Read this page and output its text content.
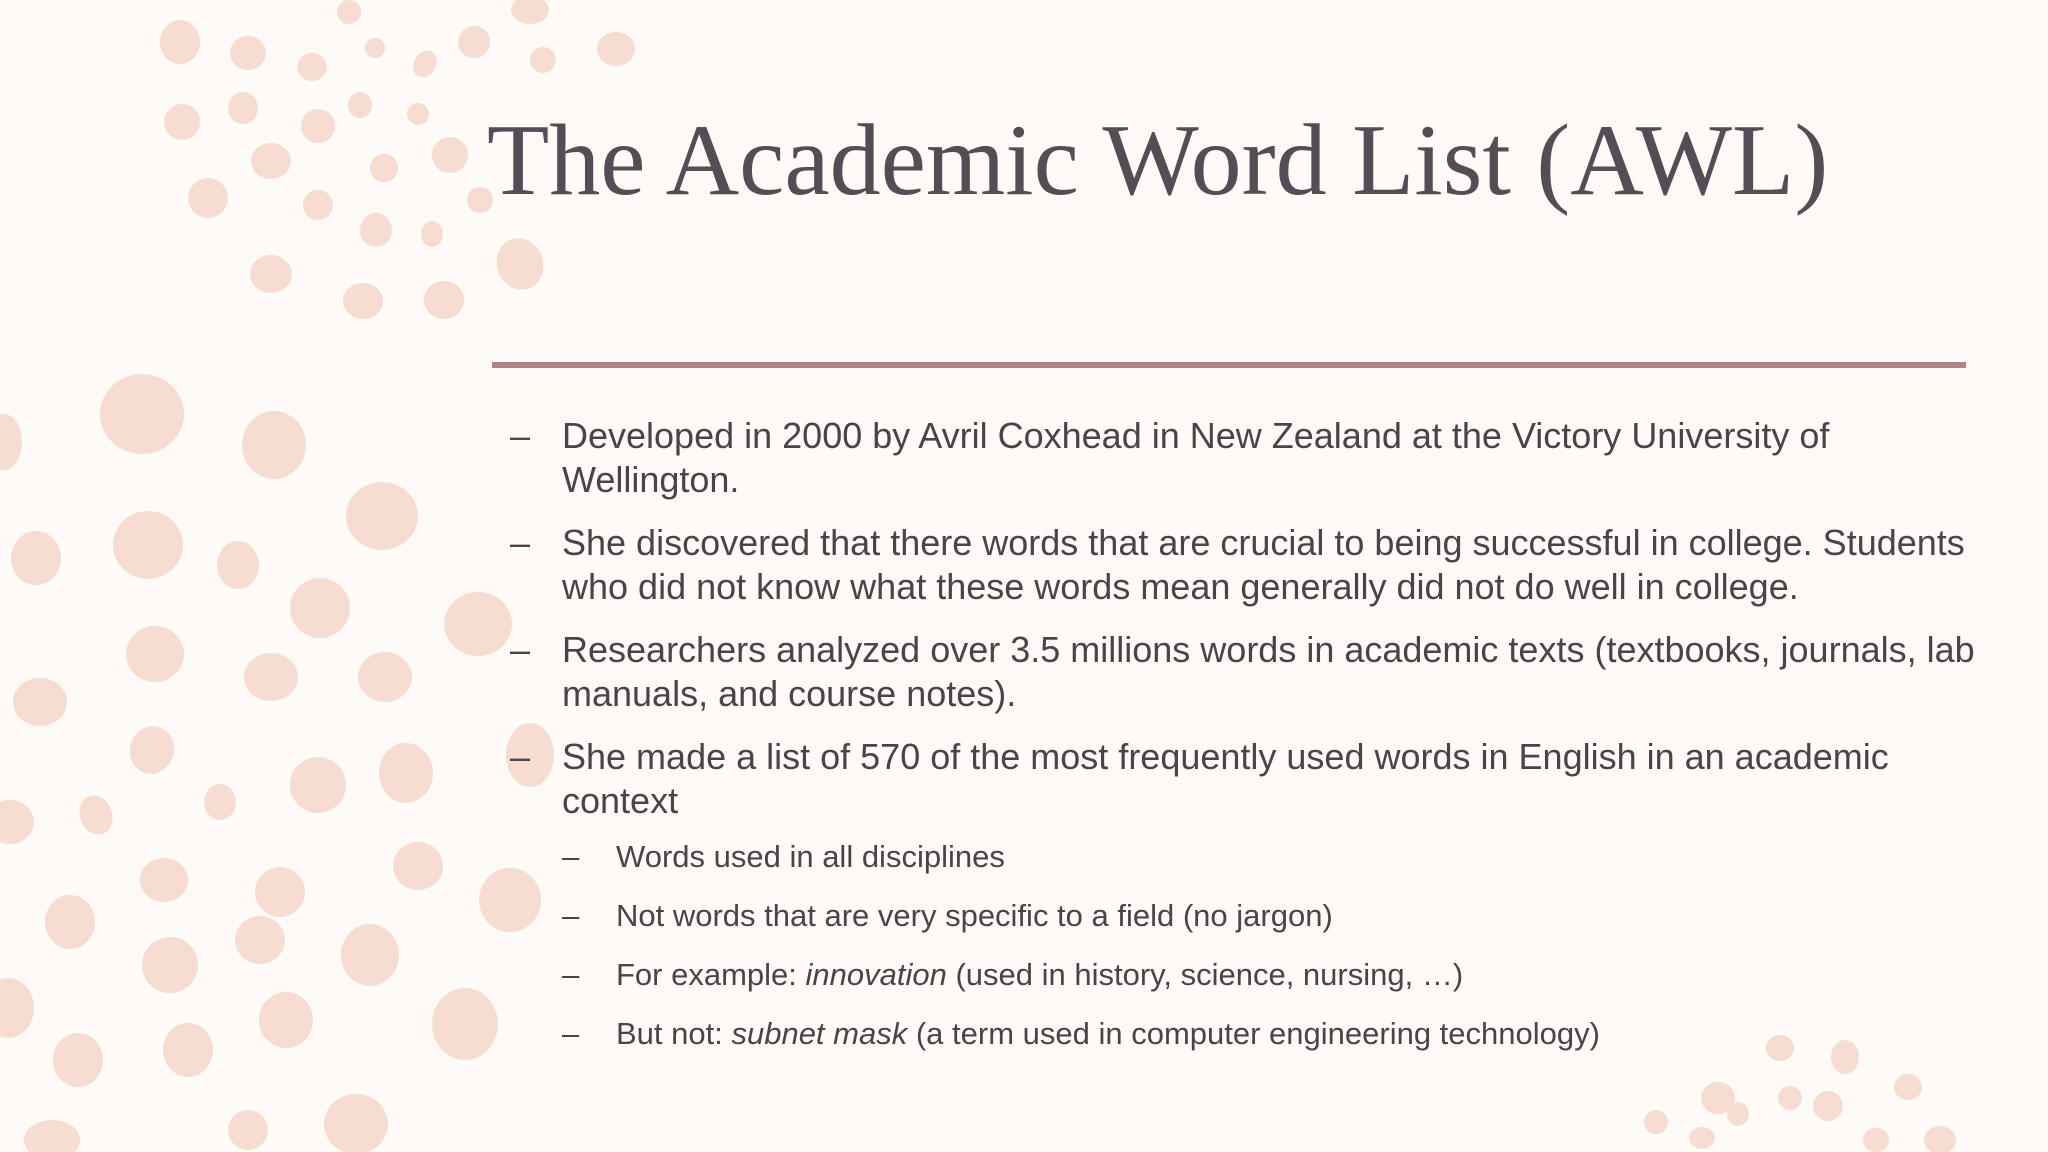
The Academic Word List (AWL)
– Developed in 2000 by Avril Coxhead in New Zealand at the Victory University of Wellington.
– She discovered that there words that are crucial to being successful in college. Students who did not know what these words mean generally did not do well in college.
– Researchers analyzed over 3.5 millions words in academic texts (textbooks, journals, lab manuals, and course notes).
– She made a list of 570 of the most frequently used words in English in an academic context
– Words used in all disciplines
– Not words that are very specific to a field (no jargon)
– For example: innovation (used in history, science, nursing, …)
– But not: subnet mask (a term used in computer engineering technology)
